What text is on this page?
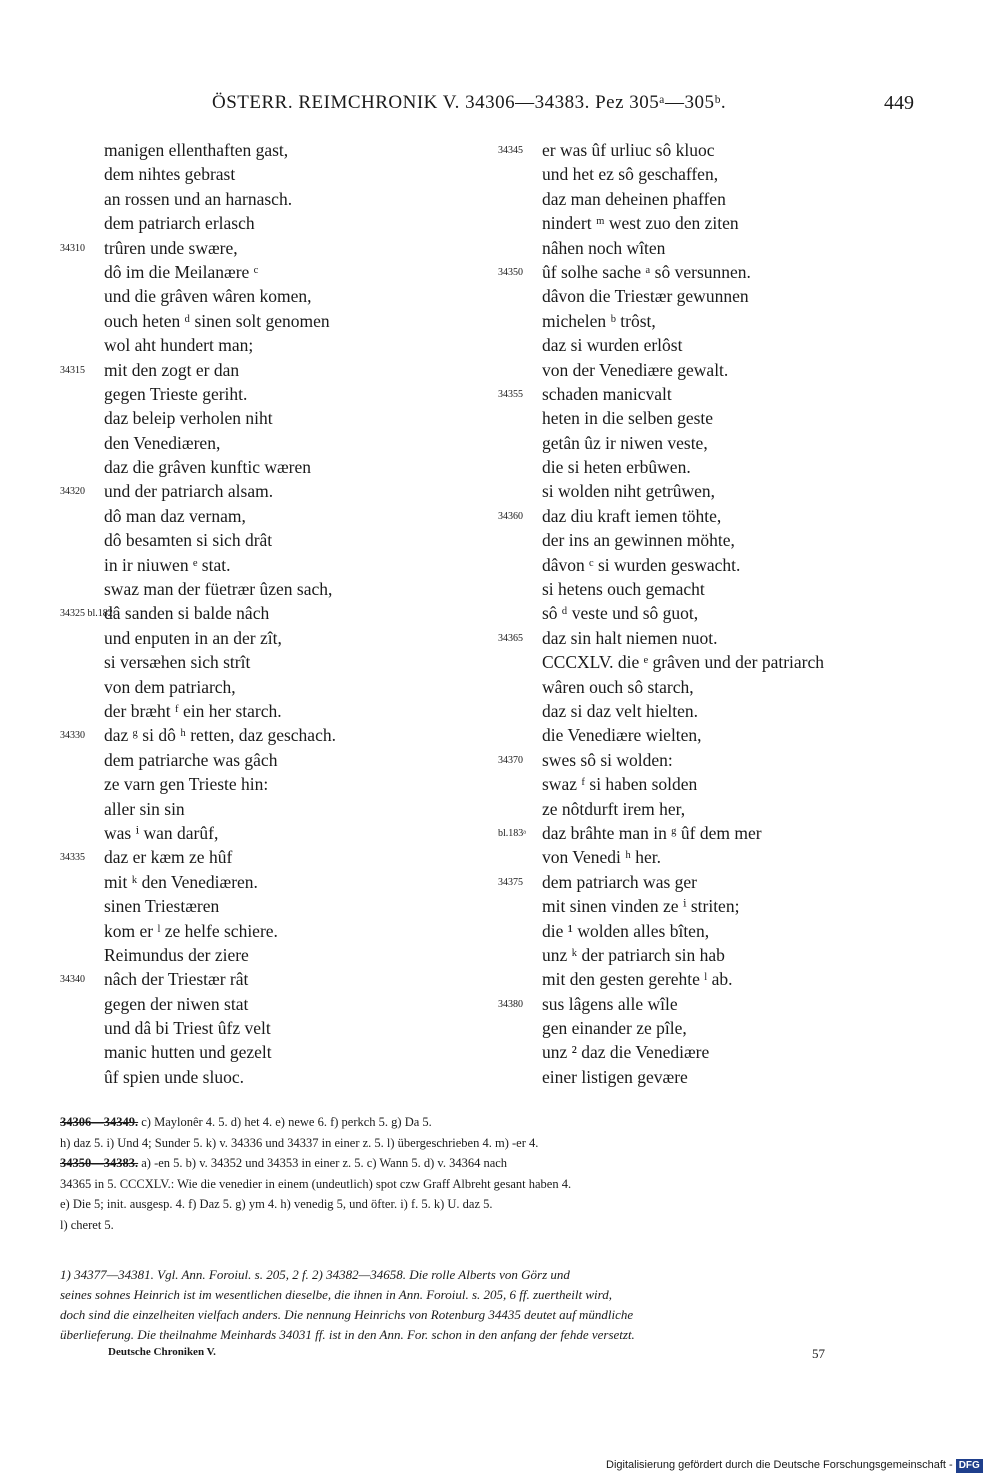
ÖSTERR. REIMCHRONIK V. 34306—34383. Pez 305ᵃ—305ᵇ.	449
manigen ellenthaften gast,
dem nihtes gebrast
an rossen und an harnasch.
dem patriarch erlasch
34310	trûren unde swære,
dô im die Meilanære ᶜ
und die grâven wâren komen,
ouch heten ᵈ sinen solt genomen
wol aht hundert man;
34315	mit den zogt er dan
gegen Trieste geriht.
daz beleip verholen niht
den Venediæren,
daz die grâven kunftic wæren
34320	und der patriarch alsam.
dô man daz vernam,
dô besamten si sich drât
in ir niuwen ᵉ stat.
swaz man der füetrær ûzen sach,
34325 bl.182ᵃ
dâ sanden si balde nâch
und enputen in an der zît,
si versæhen sich strît
von dem patriarch,
der bræht ᶠ ein her starch.
34330	daz ᵍ si dô ʰ retten, daz geschach.
dem patriarche was gâch
ze varn gen Trieste hin:
aller sin sin
was ⁱ wan darûf,
34335	daz er kæm ze hûf
mit ᵏ den Venediæren.
sinen Triestæren
kom er ˡ ze helfe schiere.
Reimundus der ziere
34340	nâch der Triestær rât
gegen der niwen stat
und dâ bi Triest ûfz velt
manic hutten und gezelt
ûf spien unde sluoc.
34345	er was ûf urliuc sô kluoc
und het ez sô geschaffen,
daz man deheinen phaffen
nindert ᵐ west zuo den ziten
nâhen noch wîten
34350	ûf solhe sache ᵃ sô versunnen.
dâvon die Triestær gewunnen
michelen ᵇ trôst,
daz si wurden erlôst
von der Venediære gewalt.
34355	schaden manicvalt
heten in die selben geste
getân ûz ir niwen veste,
die si heten erbûwen.
si wolden niht getrûwen,
34360	daz diu kraft iemen töhte,
der ins an gewinnen möhte,
dâvon ᶜ si wurden geswacht.
si hetens ouch gemacht
sô ᵈ veste und sô guot,
34365	daz sin halt niemen nuot.
CCCXLV. die ᵉ grâven und der patriarch
wâren ouch sô starch,
daz si daz velt hielten.
die Venediære wielten,
34370	swes sô si wolden:
swaz ᶠ si haben solden
ze nôtdurft irem her,
bl.183ᵃ daz brâhte man in ᵍ ûf dem mer
von Venedi ʰ her.
34375	dem patriarch was ger
mit sinen vinden ze ⁱ striten;
die ¹ wolden alles bîten,
unz ᵏ der patriarch sin hab
mit den gesten gerehte ˡ ab.
34380	sus lâgens alle wîle
gen einander ze pîle,
unz ² daz die Venediære
einer listigen gevære

34306—34349. c) Maylonêr 4. 5. d) het 4. e) newe 6. f) perkch 5. g) Da 5.

h) daz 5. i) Und 4; Sunder 5. k) v. 34336 und 34337 in einer z. 5. l) übergeschrieben 4. m) -er 4.

34350—34383. a) -en 5. b) v. 34352 und 34353 in einer z. 5. c) Wann 5. d) v. 34364 nach

34365 in 5. CCCXLV.: Wie die venedier in einem (undeutlich) spot czw Graff Albreht gesant haben 4.

e) Die 5; init. ausgesp. 4. f) Daz 5. g) ym 4. h) venedig 5, und öfter. i) f. 5. k) U. daz 5.

l) cheret 5.

1) 34377—34381. Vgl. Ann. Foroiul. s. 205, 2 f. 2) 34382—34658. Die rolle Alberts von Görz und

seines sohnes Heinrich ist im wesentlichen dieselbe, die ihnen in Ann. Foroiul. s. 205, 6 ff. zuertheilt wird,

doch sind die einzelheiten vielfach anders. Die nennung Heinrichs von Rotenburg 34435 deutet auf mündliche

überlieferung. Die theilnahme Meinhards 34031 ff. ist in den Ann. For. schon in den anfang der fehde versetzt.

Deutsche Chroniken V.	57
Digitalisierung gefördert durch die Deutsche Forschungsgemeinschaft - DFG
